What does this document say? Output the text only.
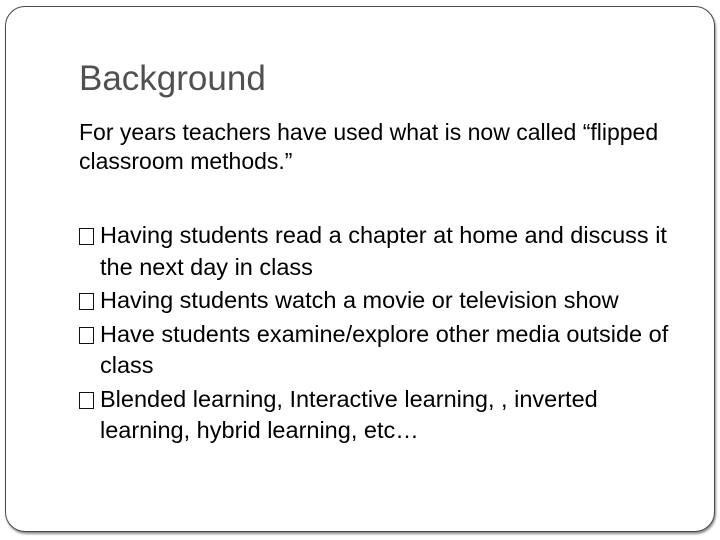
Background

For years teachers have used what is now called “flipped classroom methods.”

Having students read a chapter at home and discuss it the next day in class
Having students watch a movie or television show
Have students examine/explore other media outside of class
Blended learning, Interactive learning, , inverted learning, hybrid learning, etc…
